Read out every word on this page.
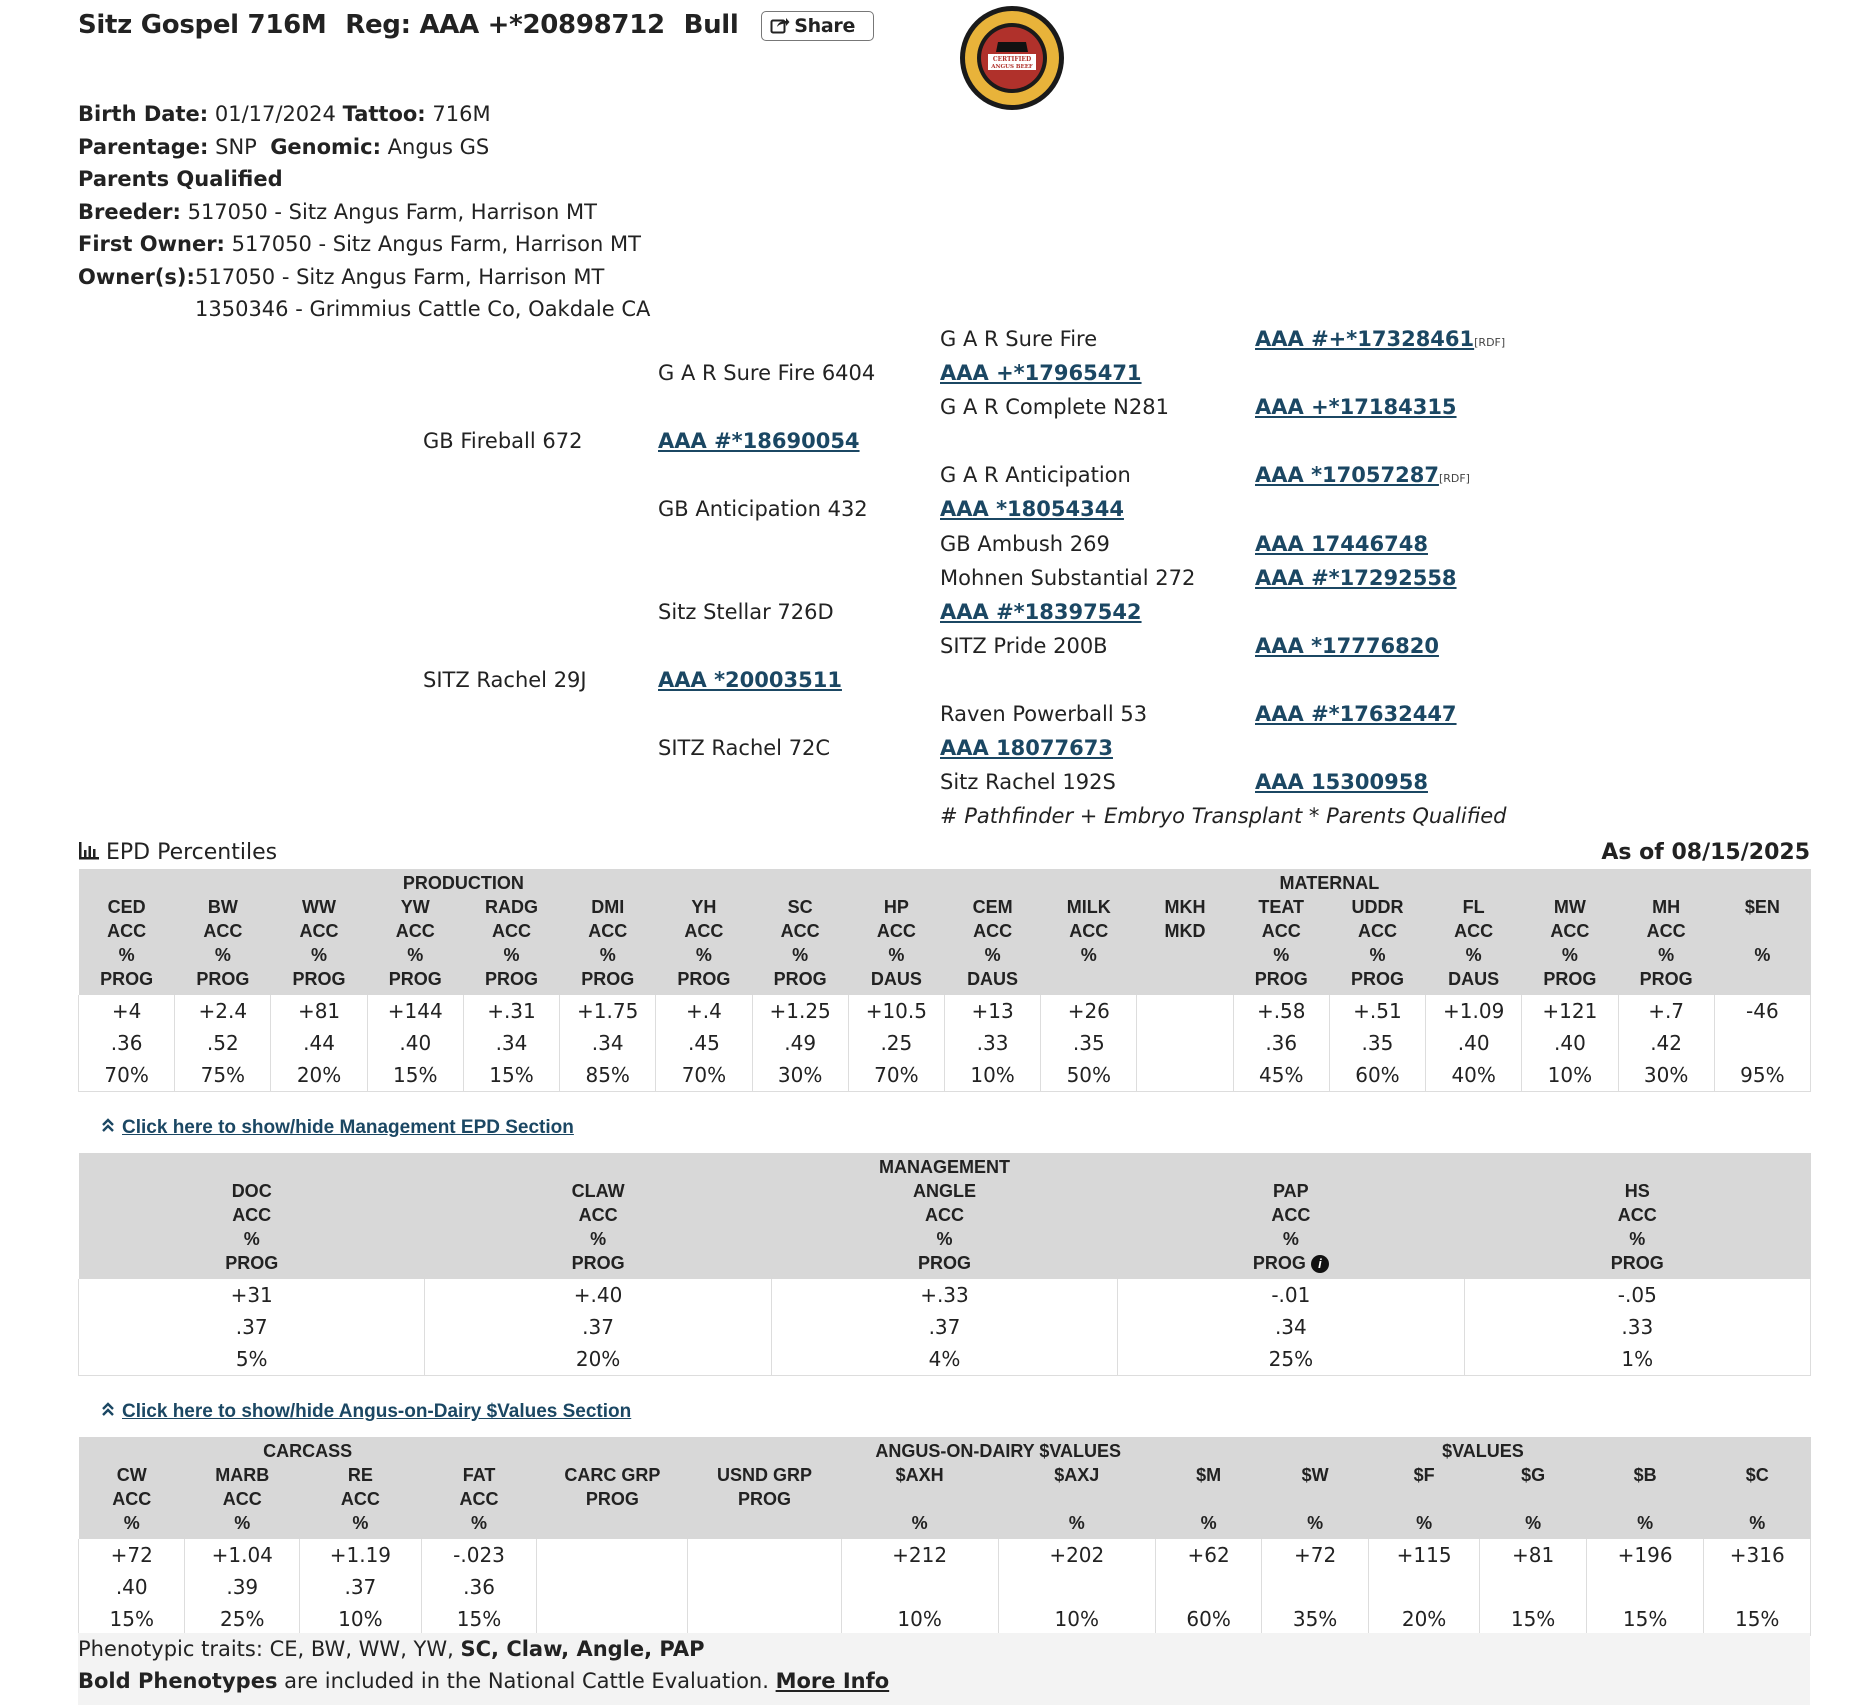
Sitz Gospel 716M Reg: AAA +*20898712 Bull	Share
CERTIFIED
ANGUS BEEF
Birth Date: 01/17/2024 Tattoo: 716M
Parentage: SNP Genomic: Angus GS
Parents Qualified
Breeder: 517050 - Sitz Angus Farm, Harrison MT
First Owner: 517050 - Sitz Angus Farm, Harrison MT
Owner(s): 517050 - Sitz Angus Farm, Harrison MT
1350346 - Grimmius Cattle Co, Oakdale CA
G A R Sure Fire	AAA #+*17328461[RDF]
G A R Sure Fire 6404	AAA +*17965471
G A R Complete N281	AAA +*17184315
GB Fireball 672	AAA #*18690054
G A R Anticipation	AAA *17057287[RDF]
GB Anticipation 432	AAA *18054344
GB Ambush 269	AAA 17446748
Mohnen Substantial 272	AAA #*17292558
Sitz Stellar 726D	AAA #*18397542
SITZ Pride 200B	AAA *17776820
SITZ Rachel 29J	AAA *20003511
Raven Powerball 53	AAA #*17632447
SITZ Rachel 72C	AAA 18077673
Sitz Rachel 192S	AAA 15300958
# Pathfinder + Embryo Transplant * Parents Qualified
EPD Percentiles	As of 08/15/2025
PRODUCTION								MATERNAL									

CED
ACC
%
PROG	BW
ACC
%
PROG	WW
ACC
%
PROG	YW
ACC
%
PROG	RADG
ACC
%
PROG	DMI
ACC
%
PROG	YH
ACC
%
PROG	SC
ACC
%
PROG	HP
ACC
%
DAUS	CEM
ACC
%
DAUS	MILK
ACC
%	MKH
MKD	TEAT
ACC
%
PROG	UDDR
ACC
%
PROG	FL
ACC
%
DAUS	MW
ACC
%
PROG	MH
ACC
%
PROG	$EN

%

+4	+2.4	+81	+144	+.31	+1.75	+.4	+1.25	+10.5	+13	+26		+.58	+.51	+1.09	+121	+.7	-46
.36	.52	.44	.40	.34	.34	.45	.49	.25	.33	.35		.36	.35	.40	.40	.42	
70%	75%	20%	15%	15%	85%	70%	30%	70%	10%	50%		45%	60%	40%	10%	30%	95%
Click here to show/hide Management EPD Section
MANAGEMENT				

DOC
ACC
%
PROG	CLAW
ACC
%
PROG	ANGLE
ACC
%
PROG	PAP
ACC
%
PROG i	HS
ACC
%
PROG

+31	+.40	+.33	-.01	-.05
.37	.37	.37	.34	.33
5%	20%	4%	25%	1%
Click here to show/hide Angus-on-Dairy $Values Section
CARCASS						ANGUS-ON-DAIRY $VALUES		$VALUES					

CW
ACC
%	MARB
ACC
%	RE
ACC
%	FAT
ACC
%	CARC GRP
PROG	USND GRP
PROG	$AXH

%	$AXJ

%	$M

%	$W

%	$F

%	$G

%	$B

%	$C

%

+72	+1.04	+1.19	-.023			+212	+202	+62	+72	+115	+81	+196	+316
.40	.39	.37	.36										
15%	25%	10%	15%			10%	10%	60%	35%	20%	15%	15%	15%
Phenotypic traits: CE, BW, WW, YW, SC, Claw, Angle, PAP
Bold Phenotypes are included in the National Cattle Evaluation. More Info
